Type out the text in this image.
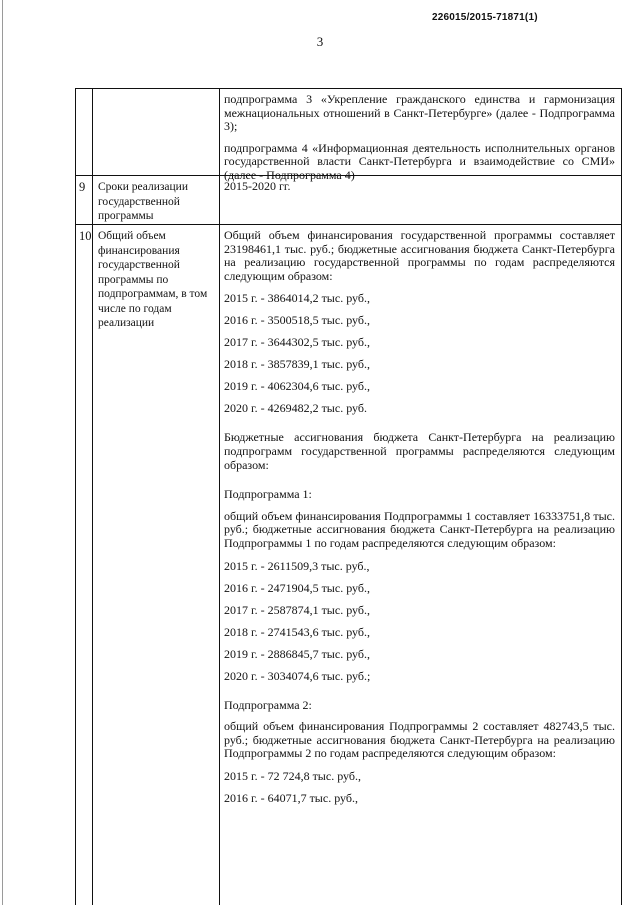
226015/2015-71871(1)
3

подпрограмма 3 «Укрепление гражданского единства и гармонизация межнациональных отношений в Санкт-Петербурге» (далее - Подпрограмма 3);

подпрограмма 4 «Информационная деятельность исполнительных органов государственной власти Санкт-Петербурга и взаимодействие со СМИ» (далее - Подпрограмма 4)

9 Сроки реализации государственной программы
2015-2020 гг.
10 Общий объем финансирования государственной программы по подпрограммам, в том числе по годам реализации

Общий объем финансирования государственной программы составляет 23198461,1 тыс. руб.; бюджетные ассигнования бюджета Санкт-Петербурга на реализацию государственной программы по годам распределяются следующим образом:

2015 г. - 3864014,2 тыс. руб.,

2016 г. - 3500518,5 тыс. руб.,

2017 г. - 3644302,5 тыс. руб.,

2018 г. - 3857839,1 тыс. руб.,

2019 г. - 4062304,6 тыс. руб.,

2020 г. - 4269482,2 тыс. руб.

Бюджетные ассигнования бюджета Санкт-Петербурга на реализацию подпрограмм государственной программы распределяются следующим образом:

Подпрограмма 1:

общий объем финансирования Подпрограммы 1 составляет 16333751,8 тыс. руб.; бюджетные ассигнования бюджета Санкт-Петербурга на реализацию Подпрограммы 1 по годам распределяются следующим образом:

2015 г. - 2611509,3 тыс. руб.,

2016 г. - 2471904,5 тыс. руб.,

2017 г. - 2587874,1 тыс. руб.,

2018 г. - 2741543,6 тыс. руб.,

2019 г. - 2886845,7 тыс. руб.,

2020 г. - 3034074,6 тыс. руб.;

Подпрограмма 2:

общий объем финансирования Подпрограммы 2 составляет 482743,5 тыс. руб.; бюджетные ассигнования бюджета Санкт-Петербурга на реализацию Подпрограммы 2 по годам распределяются следующим образом:

2015 г. - 72 724,8 тыс. руб.,

2016 г. - 64071,7 тыс. руб.,
